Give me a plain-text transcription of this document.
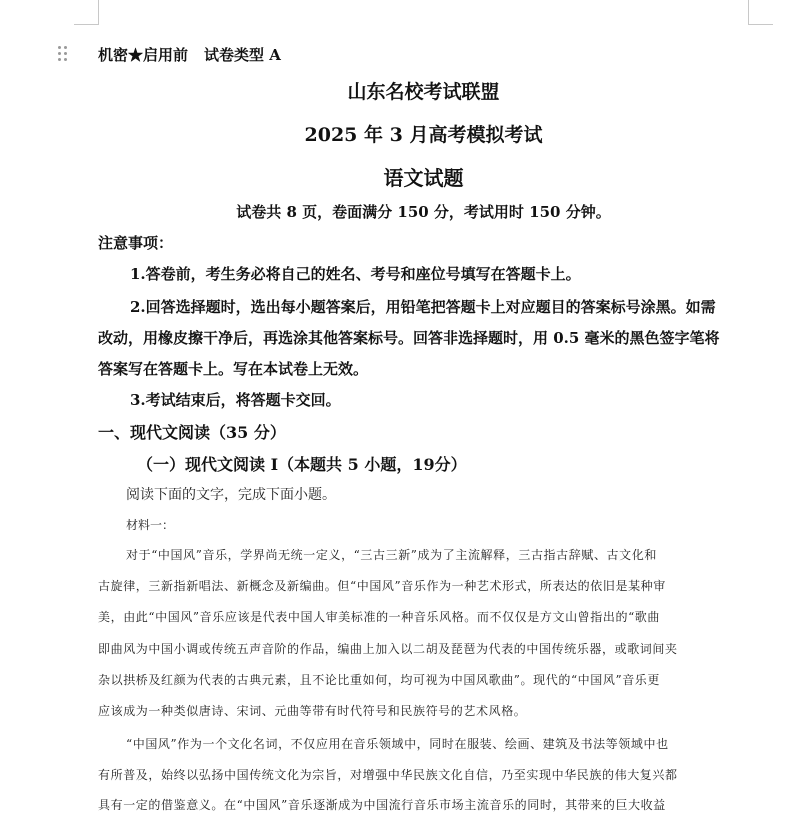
机密★启用前 试卷类型 A
山东名校考试联盟
2025 年 3 月高考模拟考试
语文试题
试卷共 8 页，卷面满分 150 分，考试用时 150 分钟。
注意事项：
1.答卷前，考生务必将自己的姓名、考号和座位号填写在答题卡上。
2.回答选择题时，选出每小题答案后，用铅笔把答题卡上对应题目的答案标号涂黑。如需
改动，用橡皮擦干净后，再选涂其他答案标号。回答非选择题时，用 0.5 毫米的黑色签字笔将
答案写在答题卡上。写在本试卷上无效。
3.考试结束后，将答题卡交回。
一、现代文阅读（35 分）
（一）现代文阅读 I（本题共 5 小题，19分）
阅读下面的文字，完成下面小题。
材料一：
对于“中国风”音乐，学界尚无统一定义，“三古三新”成为了主流解释，三古指古辞赋、古文化和
古旋律，三新指新唱法、新概念及新编曲。但“中国风”音乐作为一种艺术形式，所表达的依旧是某种审
美，由此“中国风”音乐应该是代表中国人审美标准的一种音乐风格。而不仅仅是方文山曾指出的“歌曲
即曲风为中国小调或传统五声音阶的作品，编曲上加入以二胡及琵琶为代表的中国传统乐器，或歌词间夹
杂以拱桥及红颜为代表的古典元素，且不论比重如何，均可视为中国风歌曲”。现代的“中国风”音乐更
应该成为一种类似唐诗、宋词、元曲等带有时代符号和民族符号的艺术风格。
“中国风”作为一个文化名词，不仅应用在音乐领域中，同时在服装、绘画、建筑及书法等领域中也
有所普及，始终以弘扬中国传统文化为宗旨，对增强中华民族文化自信，乃至实现中华民族的伟大复兴都
具有一定的借鉴意义。在“中国风”音乐逐渐成为中国流行音乐市场主流音乐的同时，其带来的巨大收益
